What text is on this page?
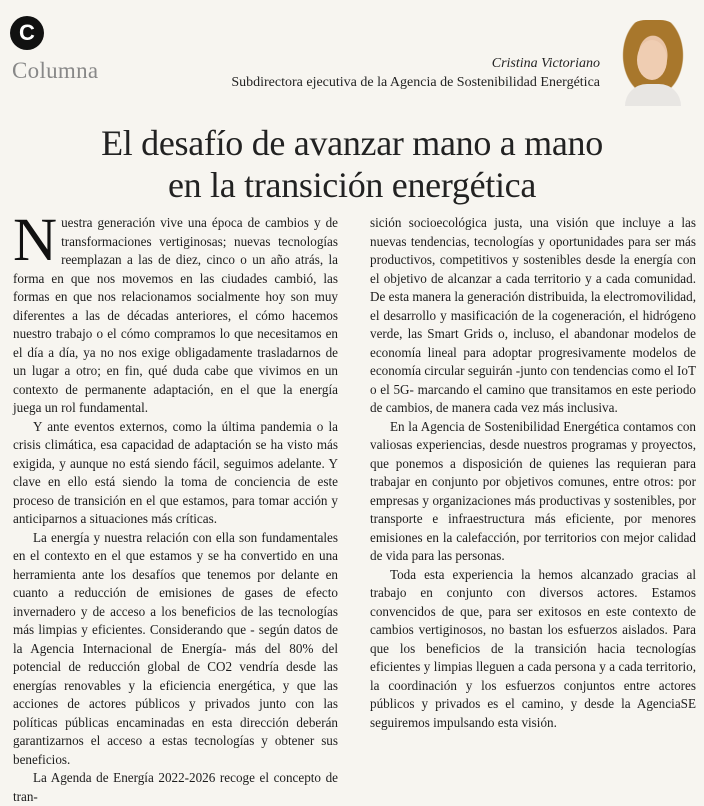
C
Columna	Cristina Victoriano
Subdirectora ejecutiva de la Agencia de Sostenibilidad Energética
El desafío de avanzar mano a mano
en la transición energética

Nuestra generación vive una época de cambios y de transformaciones vertiginosas; nuevas tecnologías reemplazan a las de diez, cinco o un año atrás, la forma en que nos movemos en las ciudades cambió, las formas en que nos relacionamos socialmente hoy son muy diferentes a las de décadas anteriores, el cómo hacemos nuestro trabajo o el cómo compramos lo que necesitamos en el día a día, ya no nos exige obligadamente trasladarnos de un lugar a otro; en fin, qué duda cabe que vivimos en un contexto de permanente adaptación, en el que la energía juega un rol fundamental.

Y ante eventos externos, como la última pandemia o la crisis climática, esa capacidad de adaptación se ha visto más exigida, y aunque no está siendo fácil, seguimos adelante. Y clave en ello está siendo la toma de conciencia de este proceso de transición en el que estamos, para tomar acción y anticiparnos a situaciones más críticas.

La energía y nuestra relación con ella son fundamentales en el contexto en el que estamos y se ha convertido en una herramienta ante los desafíos que tenemos por delante en cuanto a reducción de emisiones de gases de efecto invernadero y de acceso a los beneficios de las tecnologías más limpias y eficientes. Considerando que - según datos de la Agencia Internacional de Energía- más del 80% del potencial de reducción global de CO2 vendría desde las energías renovables y la eficiencia energética, y que las acciones de actores públicos y privados junto con las políticas públicas encaminadas en esta dirección deberán garantizarnos el acceso a estas tecnologías y obtener sus beneficios.

La Agenda de Energía 2022-2026 recoge el concepto de tran-

sición socioecológica justa, una visión que incluye a las nuevas tendencias, tecnologías y oportunidades para ser más productivos, competitivos y sostenibles desde la energía con el objetivo de alcanzar a cada territorio y a cada comunidad. De esta manera la generación distribuida, la electromovilidad, el desarrollo y masificación de la cogeneración, el hidrógeno verde, las Smart Grids o, incluso, el abandonar modelos de economía lineal para adoptar progresivamente modelos de economía circular seguirán -junto con tendencias como el IoT o el 5G- marcando el camino que transitamos en este periodo de cambios, de manera cada vez más inclusiva.

En la Agencia de Sostenibilidad Energética contamos con valiosas experiencias, desde nuestros programas y proyectos, que ponemos a disposición de quienes las requieran para trabajar en conjunto por objetivos comunes, entre otros: por empresas y organizaciones más productivas y sostenibles, por transporte e infraestructura más eficiente, por menores emisiones en la calefacción, por territorios con mejor calidad de vida para las personas.

Toda esta experiencia la hemos alcanzado gracias al trabajo en conjunto con diversos actores. Estamos convencidos de que, para ser exitosos en este contexto de cambios vertiginosos, no bastan los esfuerzos aislados. Para que los beneficios de la transición hacia tecnologías eficientes y limpias lleguen a cada persona y a cada territorio, la coordinación y los esfuerzos conjuntos entre actores públicos y privados es el camino, y desde la AgenciaSE seguiremos impulsando esta visión.
